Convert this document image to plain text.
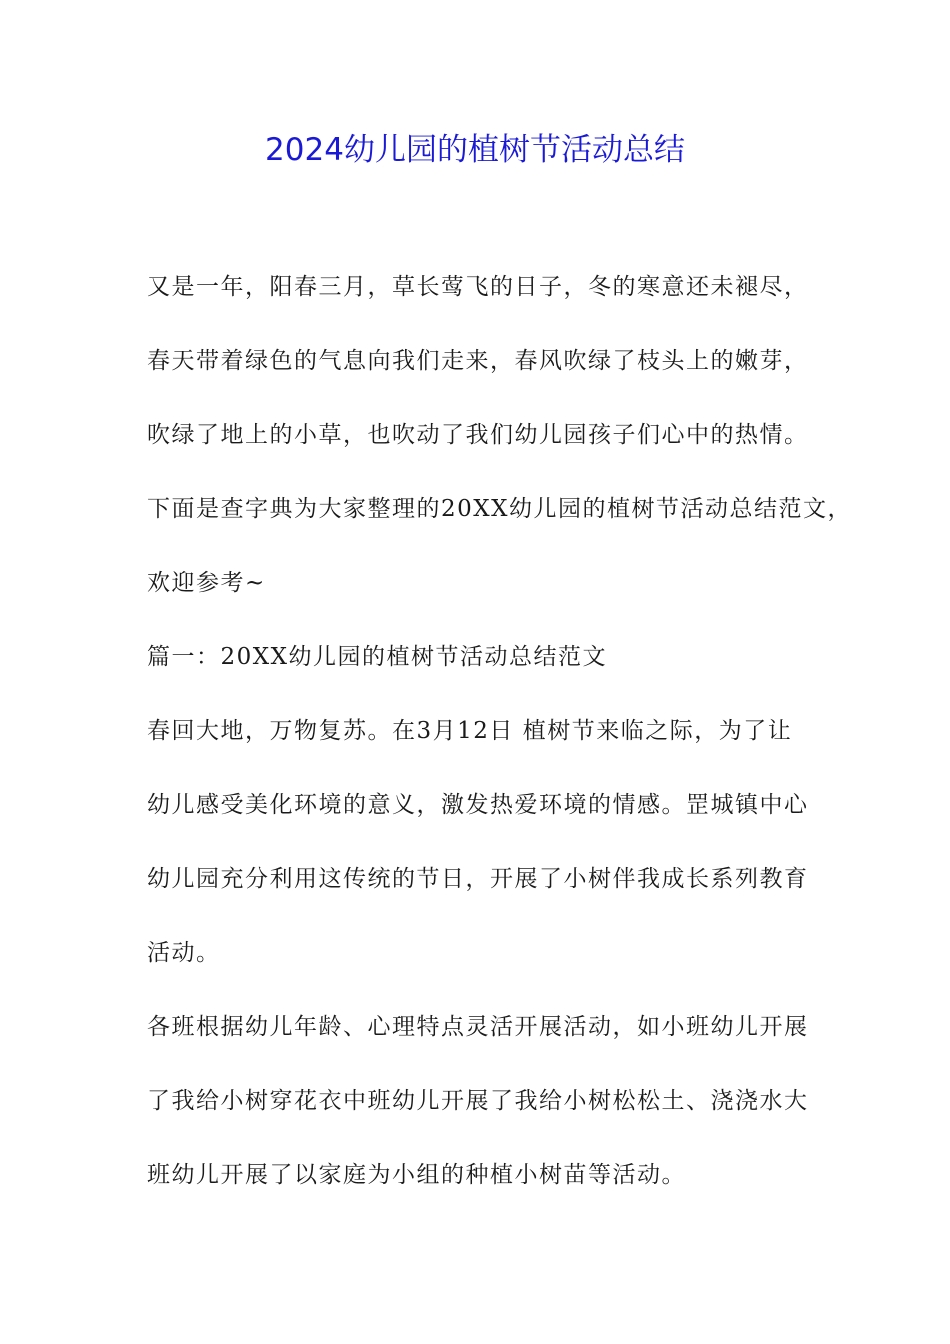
2024幼儿园的植树节活动总结

又是一年，阳春三月，草长莺飞的日子，冬的寒意还未褪尽，

春天带着绿色的气息向我们走来，春风吹绿了枝头上的嫩芽，

吹绿了地上的小草，也吹动了我们幼儿园孩子们心中的热情。

下面是查字典为大家整理的20XX幼儿园的植树节活动总结范文，

欢迎参考~

篇一：20XX幼儿园的植树节活动总结范文

春回大地，万物复苏。在3月12日 植树节来临之际，为了让

幼儿感受美化环境的意义，激发热爱环境的情感。罡城镇中心

幼儿园充分利用这传统的节日，开展了小树伴我成长系列教育

活动。

各班根据幼儿年龄、心理特点灵活开展活动，如小班幼儿开展

了我给小树穿花衣中班幼儿开展了我给小树松松土、浇浇水大

班幼儿开展了以家庭为小组的种植小树苗等活动。
